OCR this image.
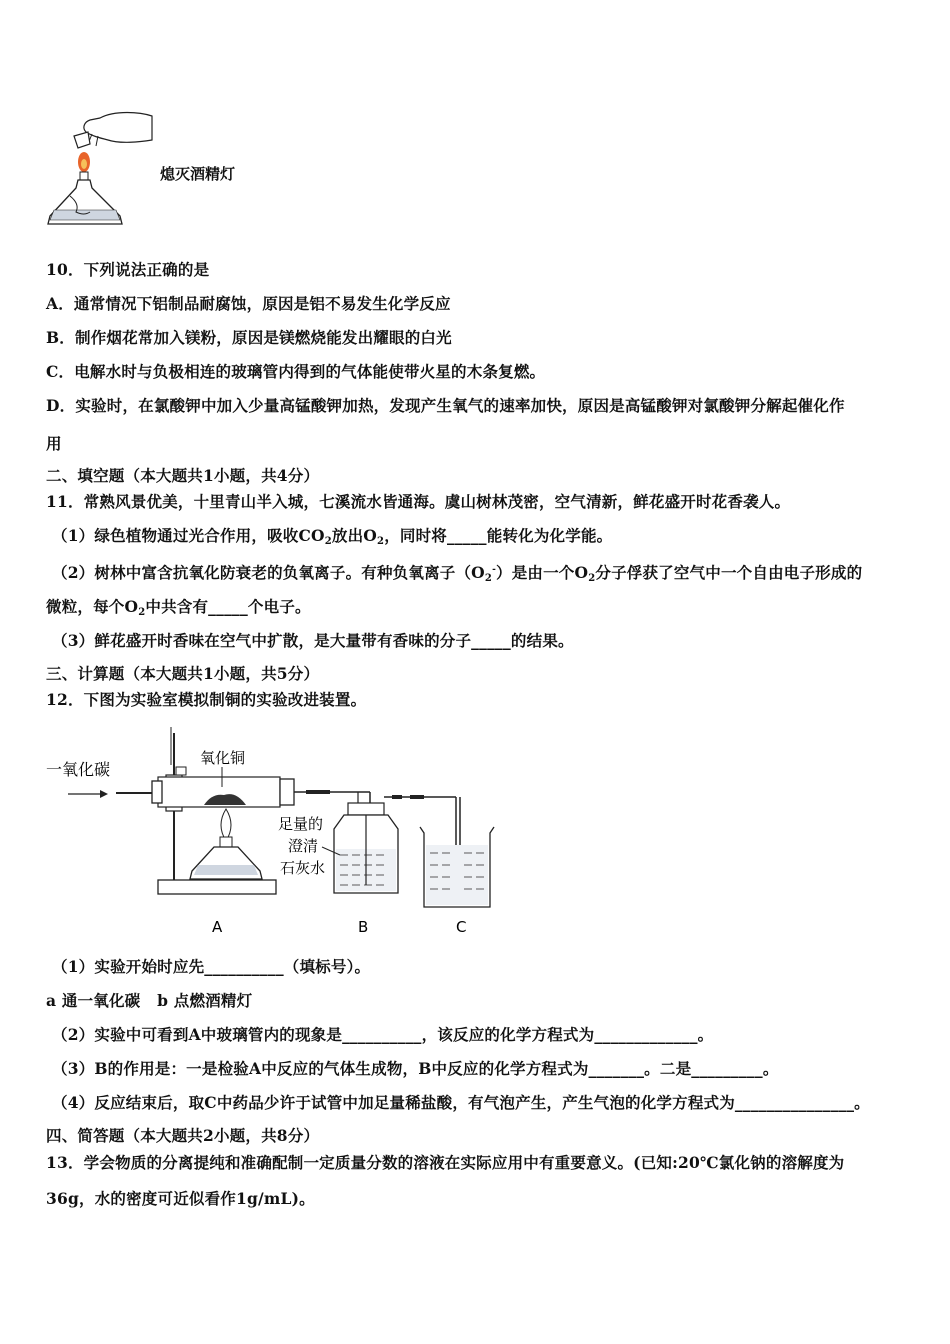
熄灭酒精灯
10．下列说法正确的是
A．通常情况下铝制品耐腐蚀，原因是铝不易发生化学反应
B．制作烟花常加入镁粉，原因是镁燃烧能发出耀眼的白光
C．电解水时与负极相连的玻璃管内得到的气体能使带火星的木条复燃。
D．实验时，在氯酸钾中加入少量高锰酸钾加热，发现产生氧气的速率加快，原因是高锰酸钾对氯酸钾分解起催化作
用
二、填空题（本大题共1小题，共4分）
11．常熟风景优美，十里青山半入城，七溪流水皆通海。虞山树林茂密，空气清新，鲜花盛开时花香袭人。
（1）绿色植物通过光合作用，吸收$CO_2$放出$O_2$，同时将_____能转化为化学能。
（2）树林中富含抗氧化防衰老的负氧离子。有种负氧离子$(O_2^-)$是由一个$O_2$分子俘获了空气中一个自由电子形成的
微粒，每个$O_2$中共含有_____个电子。
（3）鲜花盛开时香味在空气中扩散，是大量带有香味的分子_____的结果。
三、计算题（本大题共1小题，共5分）
12．下图为实验室模拟制铜的实验改进装置。
一氧化碳
氧化铜
足量的
澄清
石灰水
A	B	C
（1）实验开始时应先__________（填标号）。
a 通一氧化碳   b 点燃酒精灯
（2）实验中可看到A中玻璃管内的现象是__________，该反应的化学方程式为_____________。
（3）B的作用是：一是检验A中反应的气体生成物，B中反应的化学方程式为_______。二是_________。
（4）反应结束后，取C中药品少许于试管中加足量稀盐酸，有气泡产生，产生气泡的化学方程式为_______________。
四、简答题（本大题共2小题，共8分）
13．学会物质的分离提纯和准确配制一定质量分数的溶液在实际应用中有重要意义。(已知:20℃氯化钠的溶解度为
36g，水的密度可近似看作1g/mL)。
